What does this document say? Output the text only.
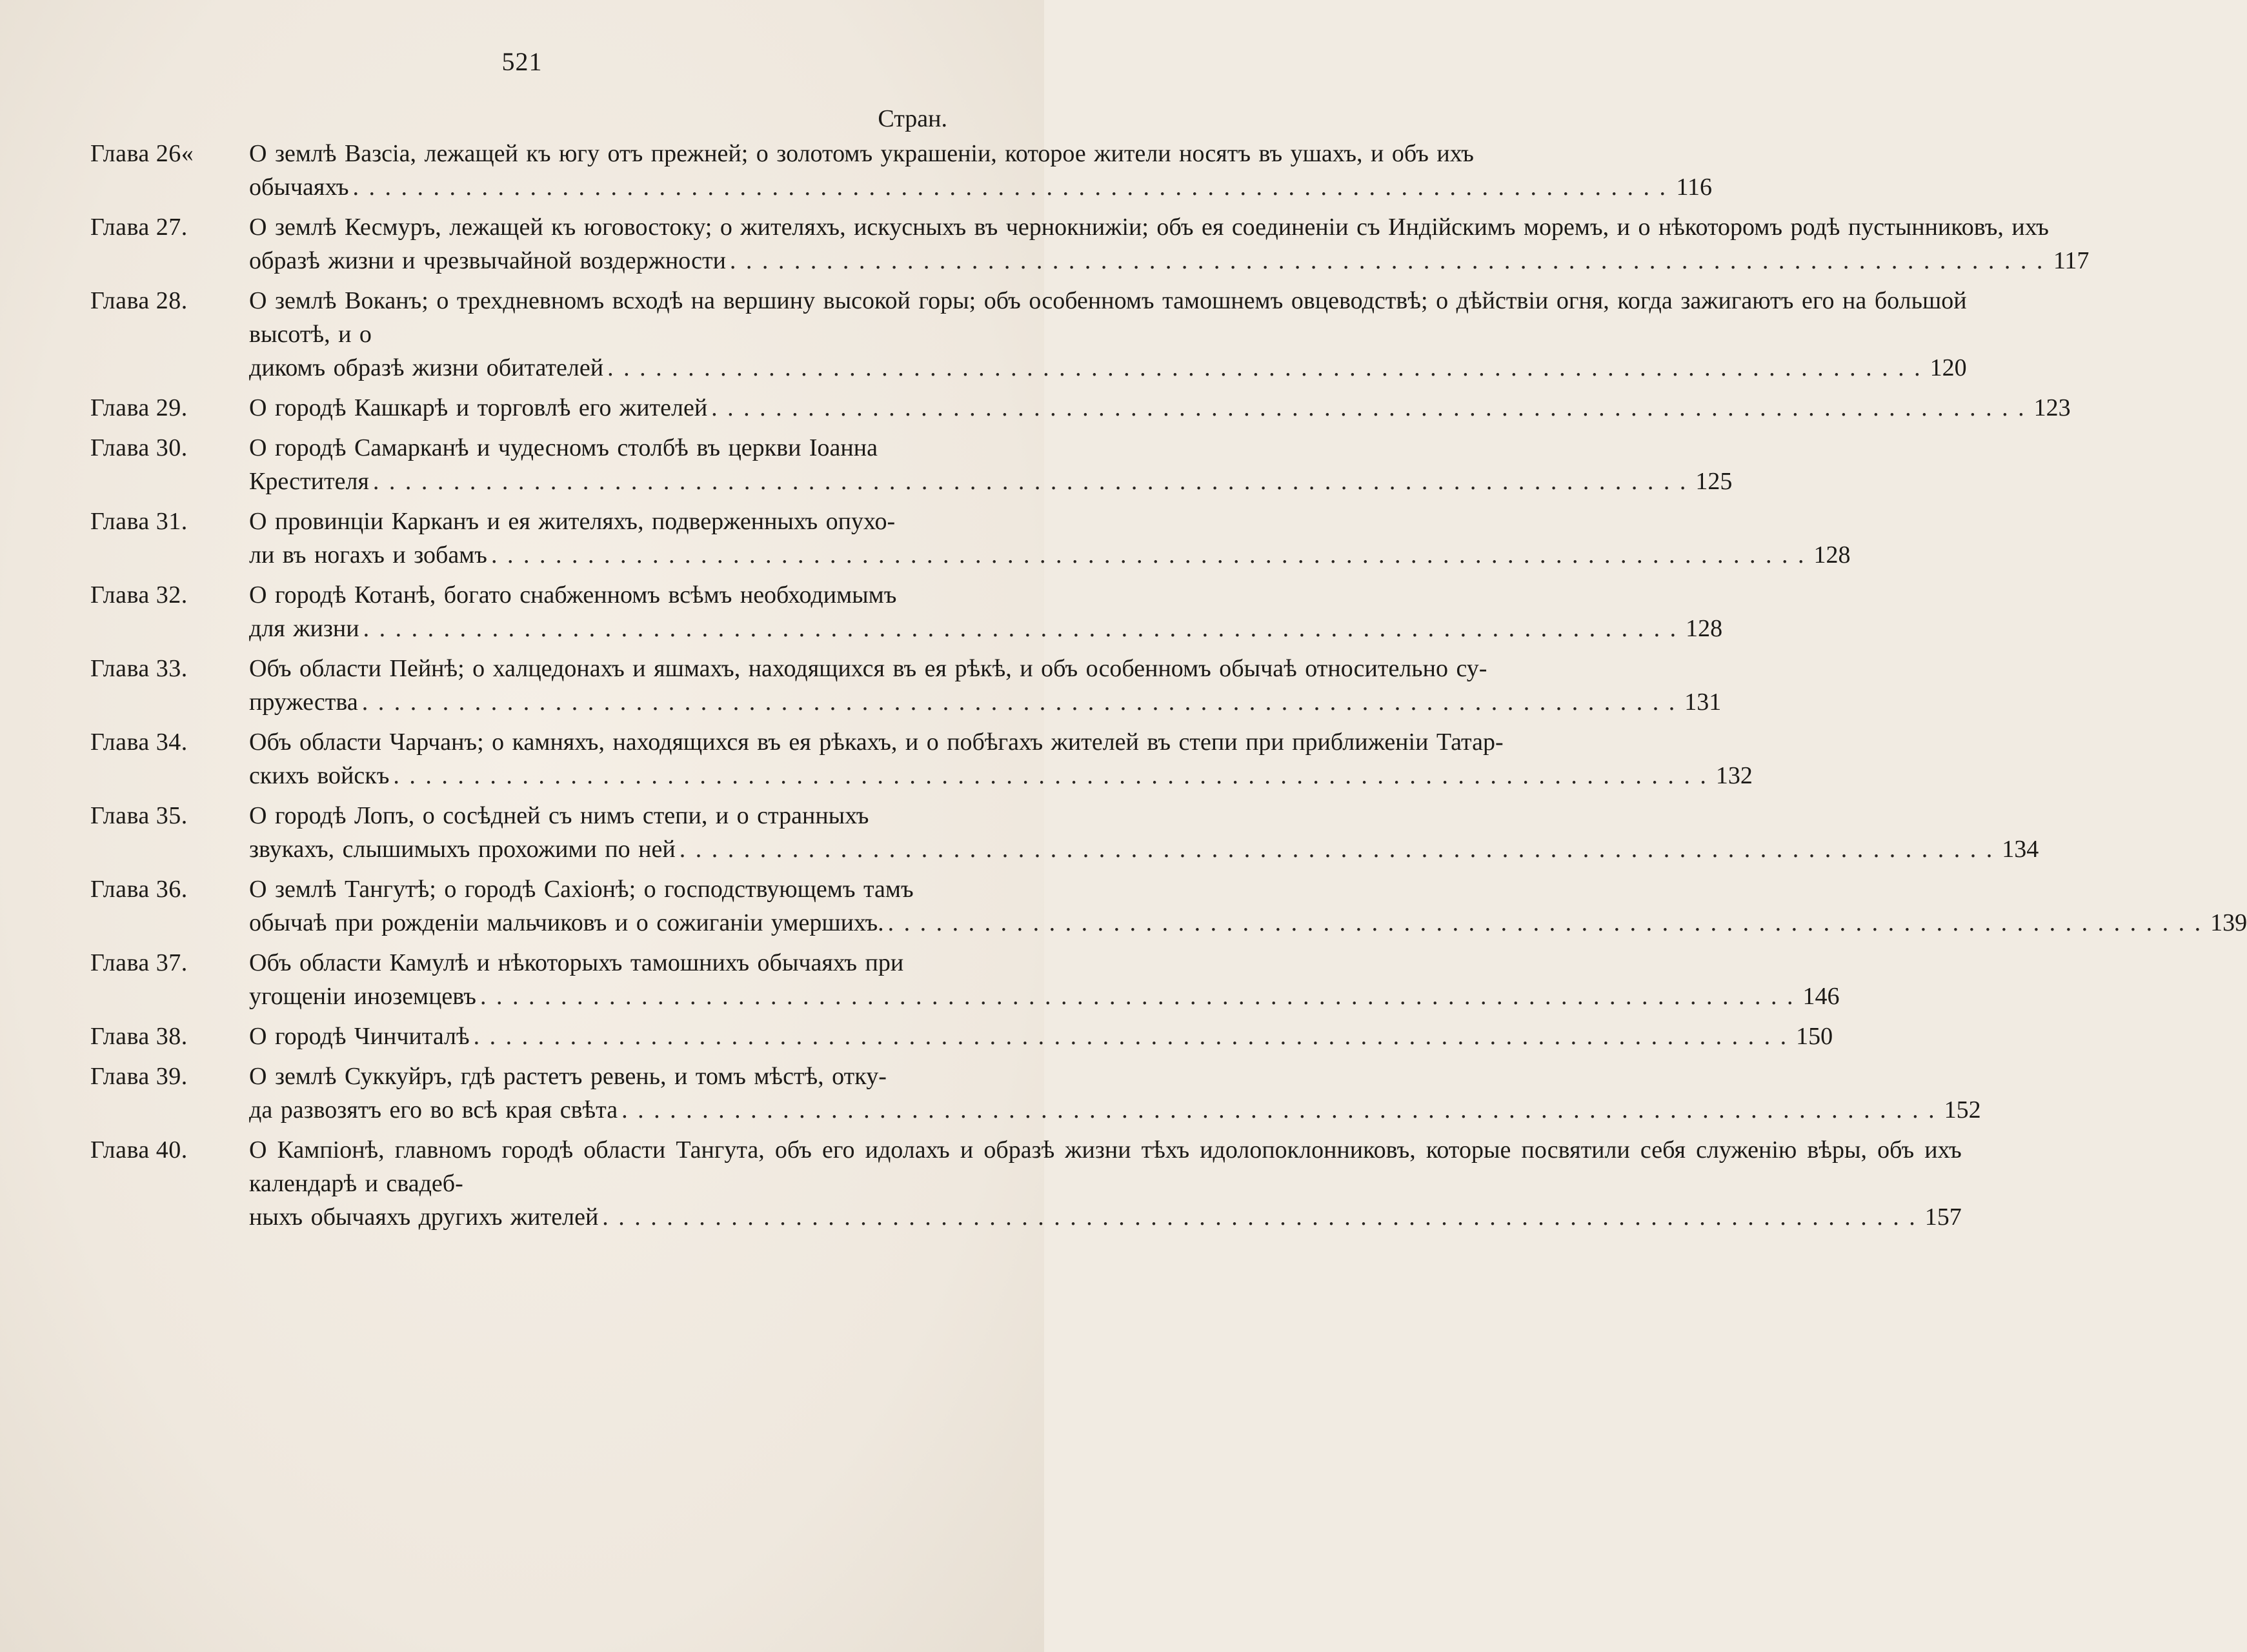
521
Стран.
Глава 26«	О землѣ Вазсіа, лежащей къ югу отъ прежней; о золотомъ украшеніи, которое жители носятъ въ ушахъ, и объ ихъ
обычаяхъ . . .	116
Глава 27.	О землѣ Кесмуръ, лежащей къ юговостоку; о жителяхъ, искусныхъ въ чернокнижіи; объ ея соединеніи съ Индійскимъ моремъ, и о нѣкоторомъ родѣ пустынниковъ, ихъ
образѣ жизни и чрезвычайной воздержности . . .	117
Глава 28.	О землѣ Воканъ; о трехдневномъ всходѣ на вершину высокой горы; объ особенномъ тамошнемъ овцеводствѣ; о дѣйствіи огня, когда зажигаютъ его на большой высотѣ, и о
дикомъ образѣ жизни обитателей . . .	120
Глава 29.	О городѣ Кашкарѣ и торговлѣ его жителей . . .	123
Глава 30.	О городѣ Самарканѣ и чудесномъ столбѣ въ церкви Іоанна
Крестителя . . .	125
Глава 31.	О провинціи Карканъ и ея жителяхъ, подверженныхъ опухо-
ли въ ногахъ и зобамъ . . .	128
Глава 32.	О городѣ Котанѣ, богато снабженномъ всѣмъ необходимымъ
для жизни . . .	128
Глава 33.	Объ области Пейнѣ; о халцедонахъ и яшмахъ, находящихся въ ея рѣкѣ, и объ особенномъ обычаѣ относительно су-
пружества . . .	131
Глава 34.	Объ области Чарчанъ; о камняхъ, находящихся въ ея рѣкахъ, и о побѣгахъ жителей въ степи при приближеніи Татар-
скихъ войскъ . . .	132
Глава 35.	О городѣ Лопъ, о сосѣдней съ нимъ степи, и о странныхъ
звукахъ, слышимыхъ прохожими по ней . . .	134
Глава 36.	О землѣ Тангутѣ; о городѣ Сахіонѣ; о господствующемъ тамъ
обычаѣ при рожденіи мальчиковъ и о сожиганіи умершихъ. . . .	139
Глава 37.	Объ области Камулѣ и нѣкоторыхъ тамошнихъ обычаяхъ при
угощеніи иноземцевъ . . .	146
Глава 38.	О городѣ Чинчиталѣ . . .	150
Глава 39.	О землѣ Суккуйръ, гдѣ растетъ ревень, и томъ мѣстѣ, отку-
да развозятъ его во всѣ края свѣта . . .	152
Глава 40.	О Кампіонѣ, главномъ городѣ области Тангута, объ его идолахъ и образѣ жизни тѣхъ идолопоклонниковъ, которые посвятили себя служенію вѣры, объ ихъ календарѣ и свадеб-
ныхъ обычаяхъ другихъ жителей . . .	157
